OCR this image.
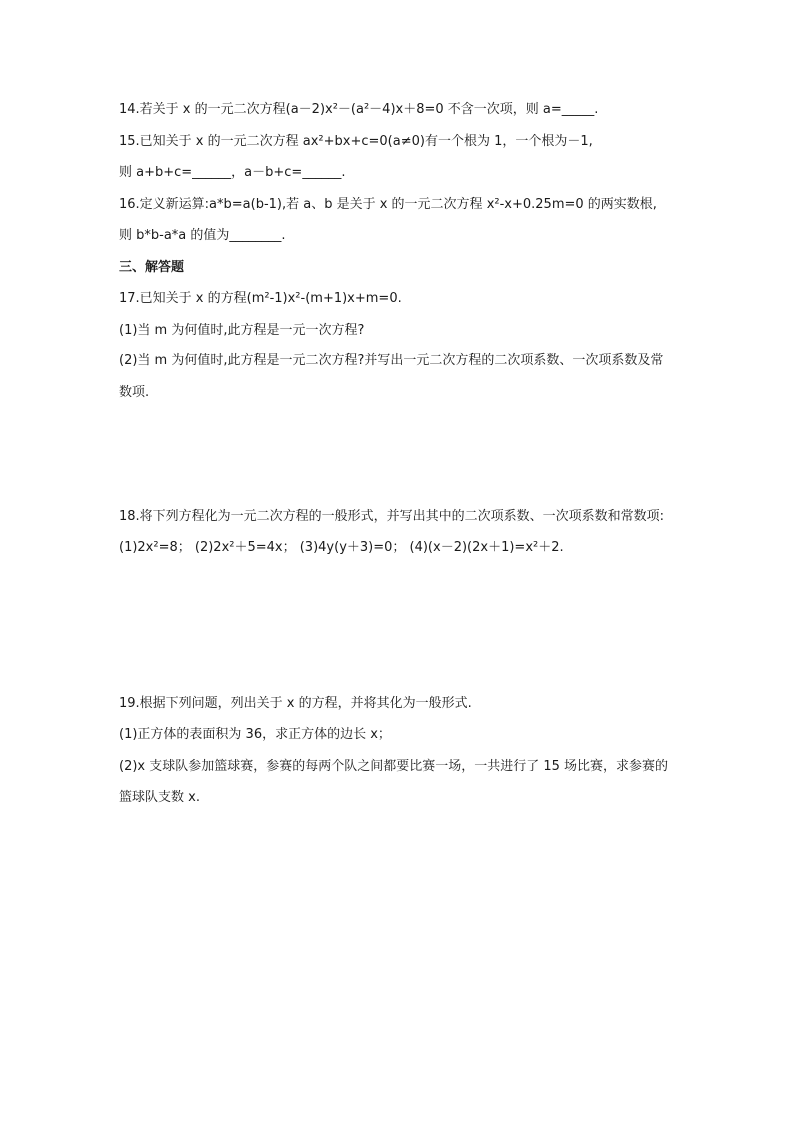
14.若关于 x 的一元二次方程(a－2)x²－(a²－4)x＋8=0 不含一次项，则 a=_____.
15.已知关于 x 的一元二次方程 ax²+bx+c=0(a≠0)有一个根为 1，一个根为－1,
则 a+b+c=______，a－b+c=______.
16.定义新运算:a*b=a(b-1),若 a、b 是关于 x 的一元二次方程 x²-x+0.25m=0 的两实数根,
则 b*b-a*a 的值为________.
三、解答题
17.已知关于 x 的方程(m²-1)x²-(m+1)x+m=0.
(1)当 m 为何值时,此方程是一元一次方程?
(2)当 m 为何值时,此方程是一元二次方程?并写出一元二次方程的二次项系数、一次项系数及常
数项.
18.将下列方程化为一元二次方程的一般形式，并写出其中的二次项系数、一次项系数和常数项:
(1)2x²=8； (2)2x²＋5=4x； (3)4y(y＋3)=0； (4)(x－2)(2x＋1)=x²＋2.
19.根据下列问题，列出关于 x 的方程，并将其化为一般形式.
(1)正方体的表面积为 36，求正方体的边长 x；
(2)x 支球队参加篮球赛，参赛的每两个队之间都要比赛一场，一共进行了 15 场比赛，求参赛的
篮球队支数 x.
